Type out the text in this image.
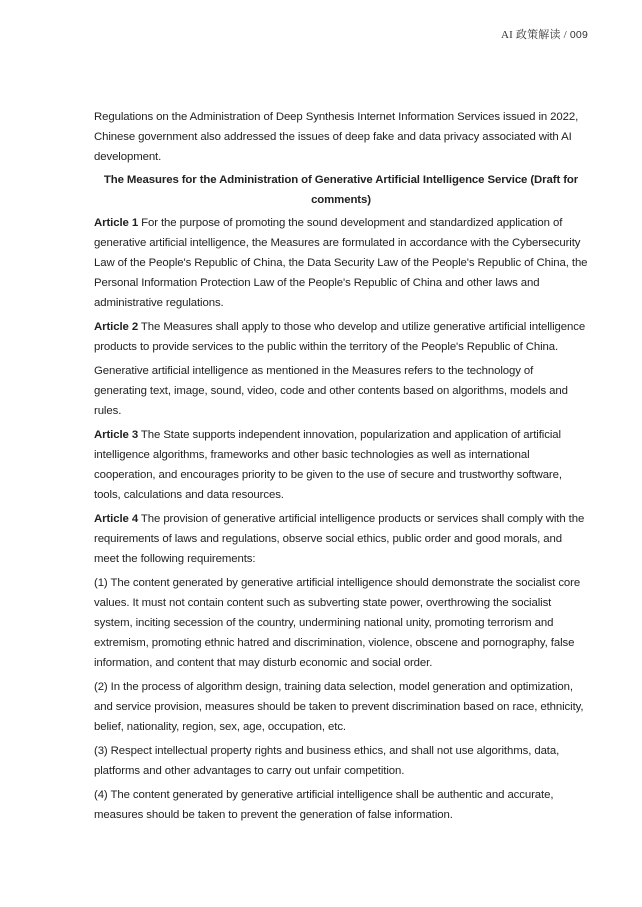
AI 政策解读 / 009

Regulations on the Administration of Deep Synthesis Internet Information Services issued in 2022, Chinese government also addressed the issues of deep fake and data privacy associated with AI development.

The Measures for the Administration of Generative Artificial Intelligence Service (Draft for comments)

Article 1 For the purpose of promoting the sound development and standardized application of generative artificial intelligence, the Measures are formulated in accordance with the Cybersecurity Law of the People's Republic of China, the Data Security Law of the People's Republic of China, the Personal Information Protection Law of the People's Republic of China and other laws and administrative regulations.

Article 2 The Measures shall apply to those who develop and utilize generative artificial intelligence products to provide services to the public within the territory of the People's Republic of China.

Generative artificial intelligence as mentioned in the Measures refers to the technology of generating text, image, sound, video, code and other contents based on algorithms, models and rules.

Article 3 The State supports independent innovation, popularization and application of artificial intelligence algorithms, frameworks and other basic technologies as well as international cooperation, and encourages priority to be given to the use of secure and trustworthy software, tools, calculations and data resources.

Article 4 The provision of generative artificial intelligence products or services shall comply with the requirements of laws and regulations, observe social ethics, public order and good morals, and meet the following requirements:

(1) The content generated by generative artificial intelligence should demonstrate the socialist core values. It must not contain content such as subverting state power, overthrowing the socialist system, inciting secession of the country, undermining national unity, promoting terrorism and extremism, promoting ethnic hatred and discrimination, violence, obscene and pornography, false information, and content that may disturb economic and social order.

(2) In the process of algorithm design, training data selection, model generation and optimization, and service provision, measures should be taken to prevent discrimination based on race, ethnicity, belief, nationality, region, sex, age, occupation, etc.

(3) Respect intellectual property rights and business ethics, and shall not use algorithms, data, platforms and other advantages to carry out unfair competition.

(4) The content generated by generative artificial intelligence shall be authentic and accurate, measures should be taken to prevent the generation of false information.
